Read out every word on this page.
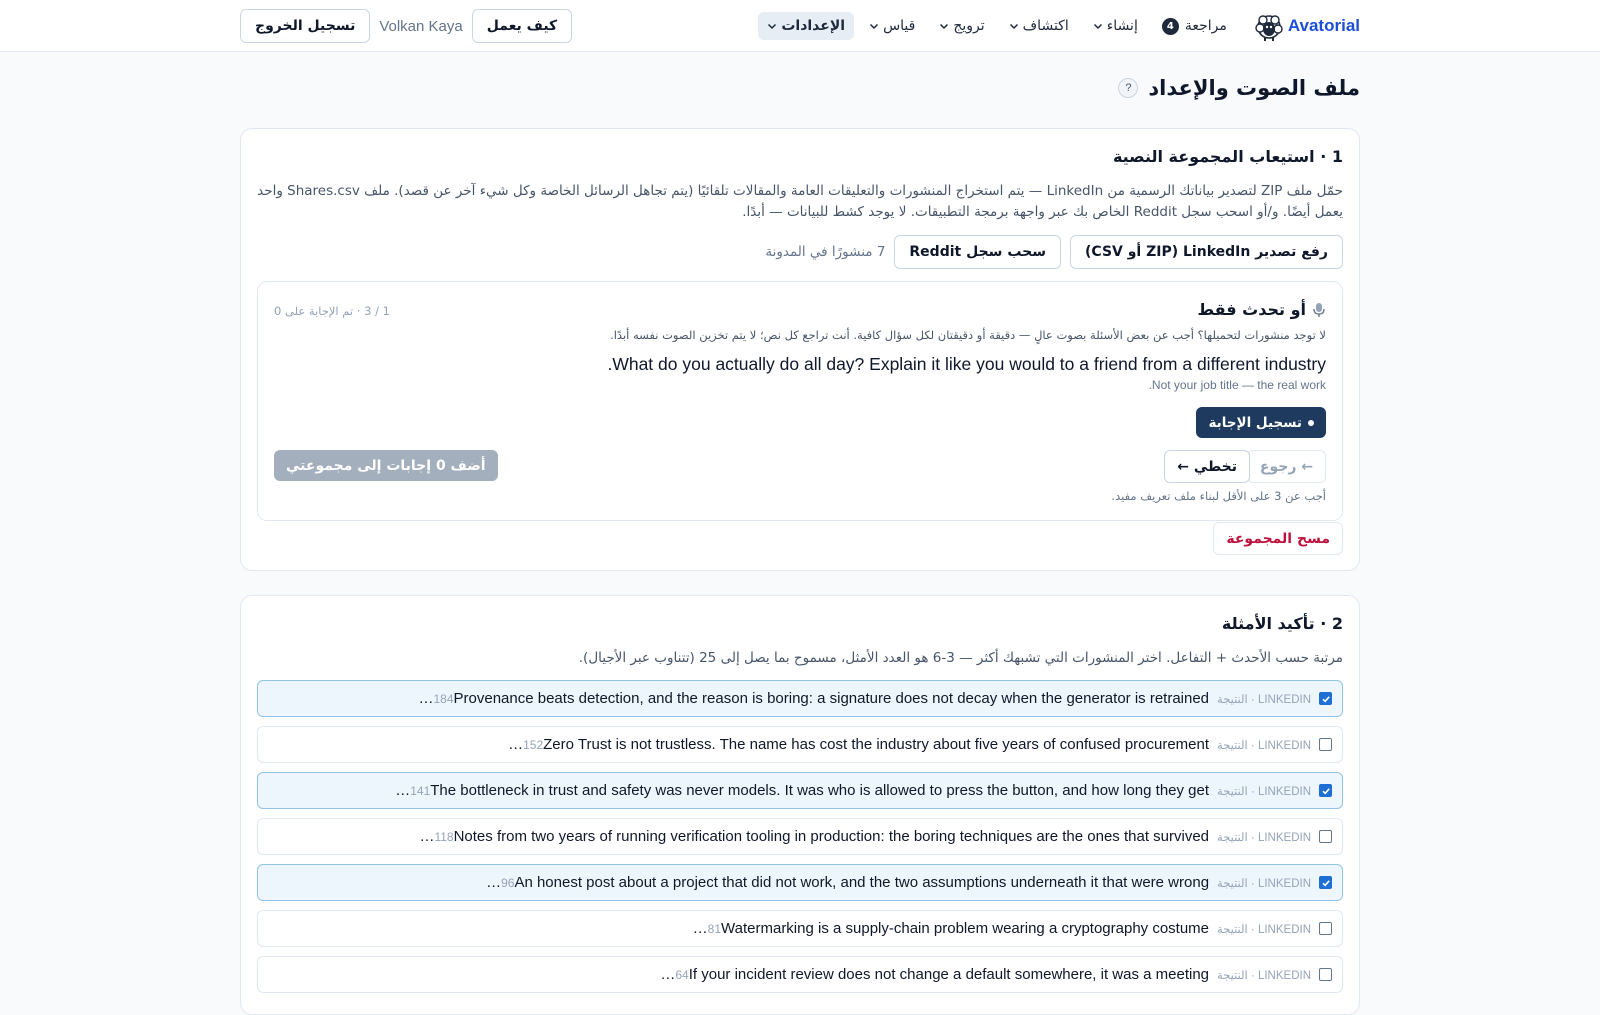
Avatorial
مراجعة
4
إنشاء
اكتشاف
ترويج
قياس
الإعدادات
كيف يعمل
Volkan Kaya
تسجيل الخروج
ملف الصوت والإعداد
?
1 · استيعاب المجموعة النصية

حمّل ملف ZIP لتصدير بياناتك الرسمية من LinkedIn — يتم استخراج المنشورات والتعليقات العامة والمقالات تلقائيًا (يتم تجاهل الرسائل الخاصة وكل شيء آخر عن قصد). ملف Shares.csv واحد يعمل أيضًا. و/أو اسحب سجل Reddit الخاص بك عبر واجهة برمجة التطبيقات. لا يوجد كشط للبيانات — أبدًا.

رفع تصدير LinkedIn (ZIP أو CSV)
سحب سجل Reddit
7 منشورًا في المدونة
أو تحدث فقط
1 / 3 · تم الإجابة على 0

لا توجد منشورات لتحميلها؟ أجب عن بعض الأسئلة بصوت عالٍ — دقيقة أو دقيقتان لكل سؤال كافية. أنت تراجع كل نص؛ لا يتم تخزين الصوت نفسه أبدًا.

What do you actually do all day? Explain it like you would to a friend from a different industry.

Not your job title — the real work.

تسجيل الإجابة
← رجوع
تخطي ←
أضف 0 إجابات إلى مجموعتي

أجب عن 3 على الأقل لبناء ملف تعريف مفيد.

مسح المجموعة
2 · تأكيد الأمثلة

مرتبة حسب الأحدث + التفاعل. اختر المنشورات التي تشبهك أكثر — 3-6 هو العدد الأمثل، مسموح بما يصل إلى 25 (تتناوب عبر الأجيال).

LINKEDIN · النتيجة
… 184 Provenance beats detection, and the reason is boring: a signature does not decay when the generator is retrained
LINKEDIN · النتيجة
… 152 Zero Trust is not trustless. The name has cost the industry about five years of confused procurement
LINKEDIN · النتيجة
… 141 The bottleneck in trust and safety was never models. It was who is allowed to press the button, and how long they get
LINKEDIN · النتيجة
… 118 Notes from two years of running verification tooling in production: the boring techniques are the ones that survived
LINKEDIN · النتيجة
… 96 An honest post about a project that did not work, and the two assumptions underneath it that were wrong
LINKEDIN · النتيجة
… 81 Watermarking is a supply-chain problem wearing a cryptography costume
LINKEDIN · النتيجة
… 64 If your incident review does not change a default somewhere, it was a meeting
